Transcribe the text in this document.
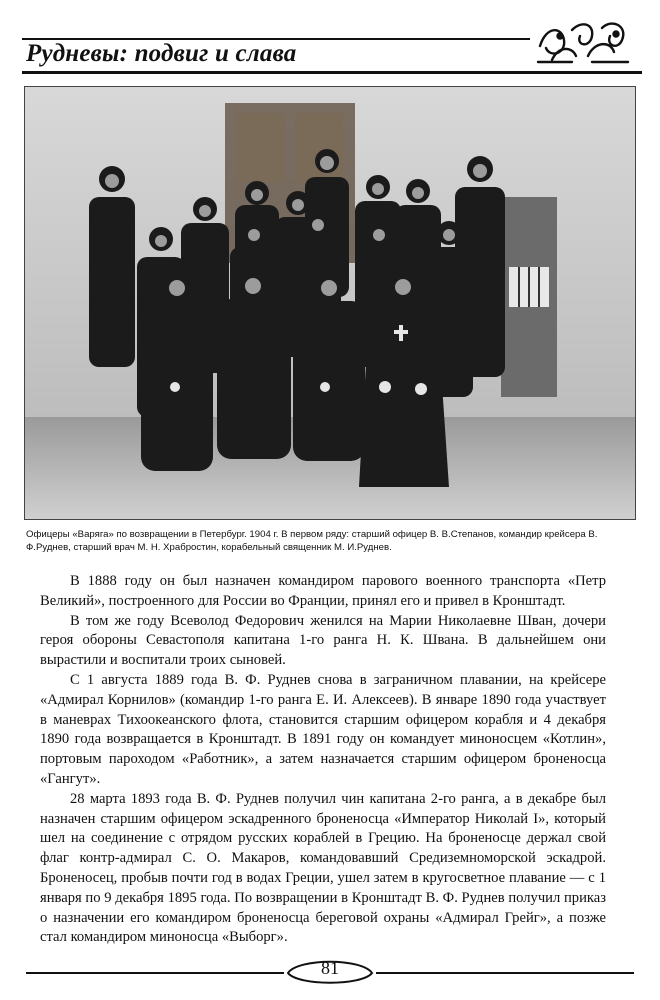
Рудневы: подвиг и слава
Офицеры «Варяга» по возвращении в Петербург. 1904 г. В первом ряду: старший офицер В. В.Степанов, командир крейсера В. Ф.Руднев, старший врач М. Н. Храбростин, корабельный священник М. И.Руднев.

В 1888 году он был назначен командиром парового военного транспорта «Петр Великий», построенного для России во Франции, принял его и привел в Кронштадт.

В том же году Всеволод Федорович женился на Марии Николаевне Шван, дочери героя обороны Севастополя капитана 1-го ранга Н. К. Швана. В дальнейшем они вырастили и воспитали троих сыновей.

С 1 августа 1889 года В. Ф. Руднев снова в заграничном плавании, на крейсере «Адмирал Корнилов» (командир 1-го ранга Е. И. Алексеев). В январе 1890 года участвует в маневрах Тихоокеанского флота, становится старшим офицером корабля и 4 декабря 1890 года возвращается в Кронштадт. В 1891 году он командует миноносцем «Котлин», портовым пароходом «Работник», а затем назначается старшим офицером броненосца «Гангут».

28 марта 1893 года В. Ф. Руднев получил чин капитана 2-го ранга, а в декабре был назначен старшим офицером эскадренного броненосца «Император Николай I», который шел на соединение с отрядом русских кораблей в Грецию. На броненосце держал свой флаг контр-адмирал С. О. Макаров, командовавший Средиземноморской эскадрой. Броненосец, пробыв почти год в водах Греции, ушел затем в кругосветное плавание — с 1 января по 9 декабря 1895 года. По возвращении в Кронштадт В. Ф. Руднев получил приказ о назначении его командиром броненосца береговой охраны «Адмирал Грейг», а позже стал командиром миноносца «Выборг».

81
